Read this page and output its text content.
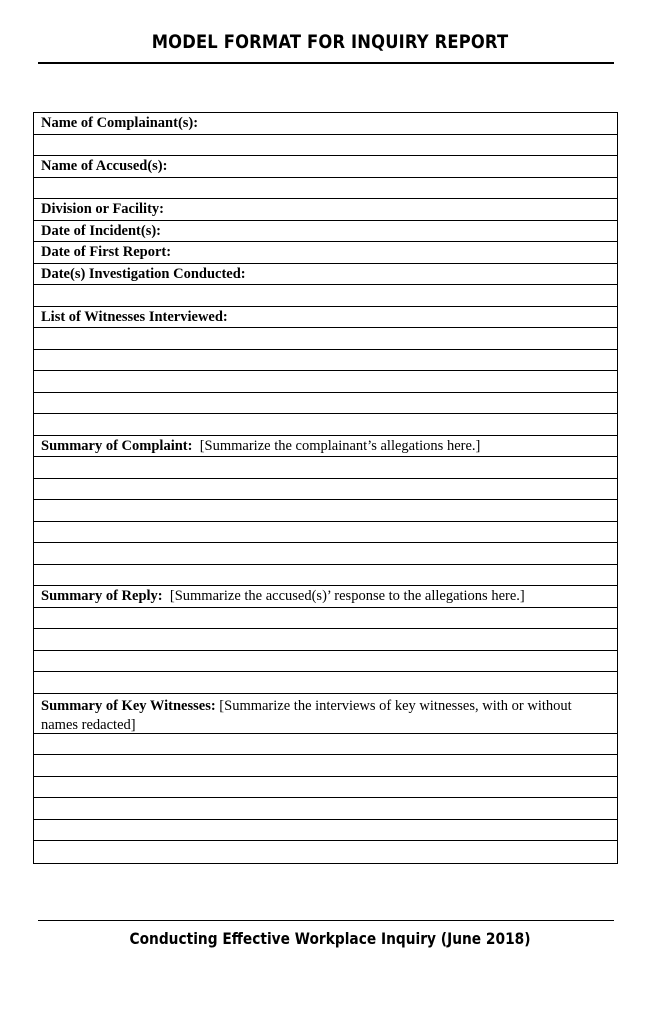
MODEL FORMAT FOR INQUIRY REPORT
Name of Complainant(s):
Name of Accused(s):
Division or Facility:
Date of Incident(s):
Date of First Report:
Date(s) Investigation Conducted:
List of Witnesses Interviewed:
Summary of Complaint: [Summarize the complainant’s allegations here.]
Summary of Reply: [Summarize the accused(s)’ response to the allegations here.]
Summary of Key Witnesses: [Summarize the interviews of key witnesses, with or without names redacted]
Conducting Effective Workplace Inquiry (June 2018)
